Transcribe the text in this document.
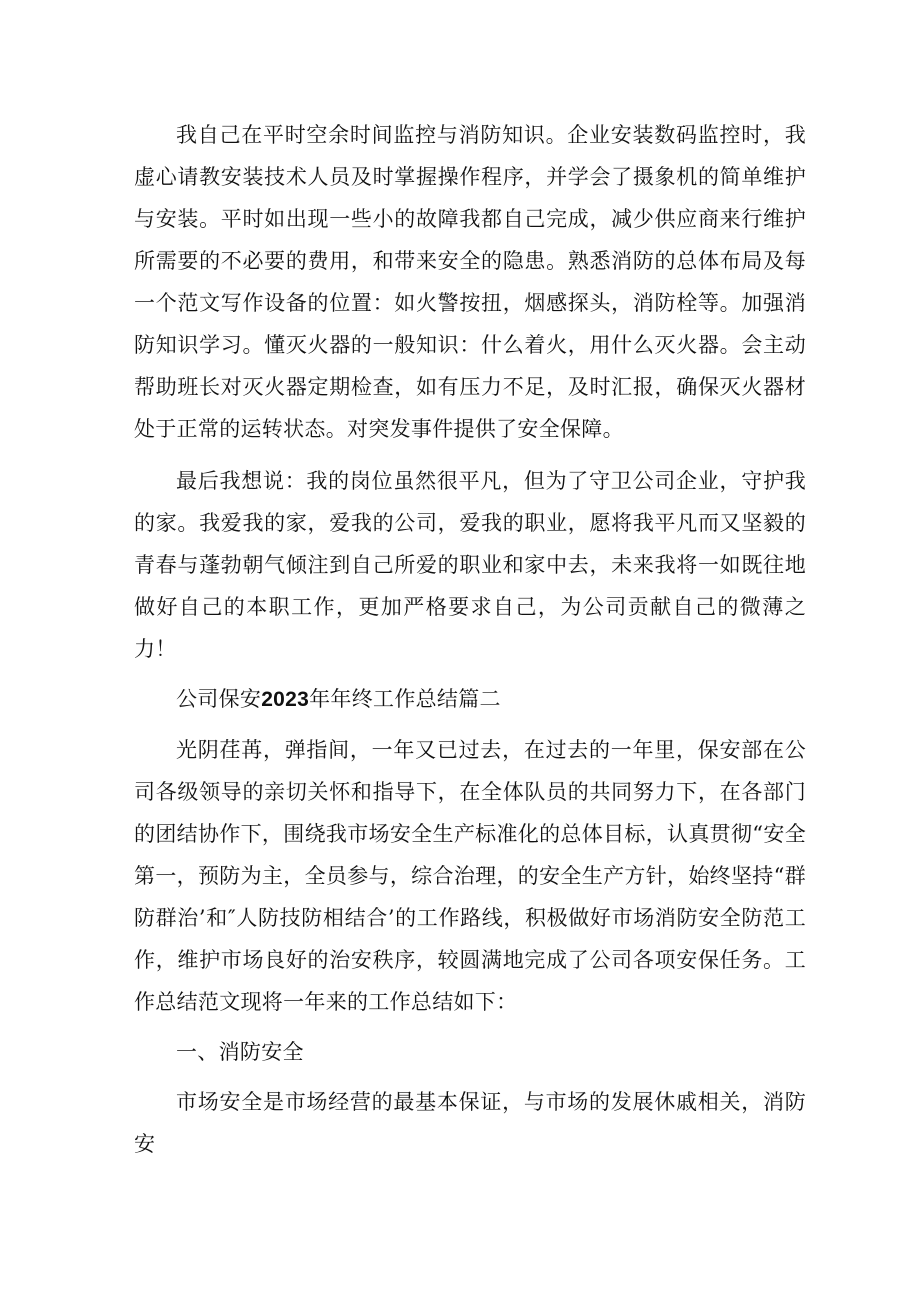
我自己在平时空余时间监控与消防知识。企业安装数码监控时，我虚心请教安装技术人员及时掌握操作程序，并学会了摄象机的简单维护与安装。平时如出现一些小的故障我都自己完成，减少供应商来行维护所需要的不必要的费用，和带来安全的隐患。熟悉消防的总体布局及每一个范文写作设备的位置：如火警按扭，烟感探头，消防栓等。加强消防知识学习。懂灭火器的一般知识：什么着火，用什么灭火器。会主动帮助班长对灭火器定期检查，如有压力不足，及时汇报，确保灭火器材处于正常的运转状态。对突发事件提供了安全保障。

最后我想说：我的岗位虽然很平凡，但为了守卫公司企业，守护我的家。我爱我的家，爱我的公司，爱我的职业，愿将我平凡而又坚毅的青春与蓬勃朝气倾注到自己所爱的职业和家中去，未来我将一如既往地做好自己的本职工作，更加严格要求自己，为公司贡献自己的微薄之力！

公司保安2023年年终工作总结篇二

光阴荏苒，弹指间，一年又已过去，在过去的一年里，保安部在公司各级领导的亲切关怀和指导下，在全体队员的共同努力下，在各部门的团结协作下，围绕我市场安全生产标准化的总体目标，认真贯彻“安全第一，预防为主，全员参与，综合治理，的安全生产方针，始终坚持“群防群治’和″人防技防相结合’的工作路线，积极做好市场消防安全防范工作，维护市场良好的治安秩序，较圆满地完成了公司各项安保任务。工作总结范文现将一年来的工作总结如下：

一、消防安全

市场安全是市场经营的最基本保证，与市场的发展休戚相关，消防安
